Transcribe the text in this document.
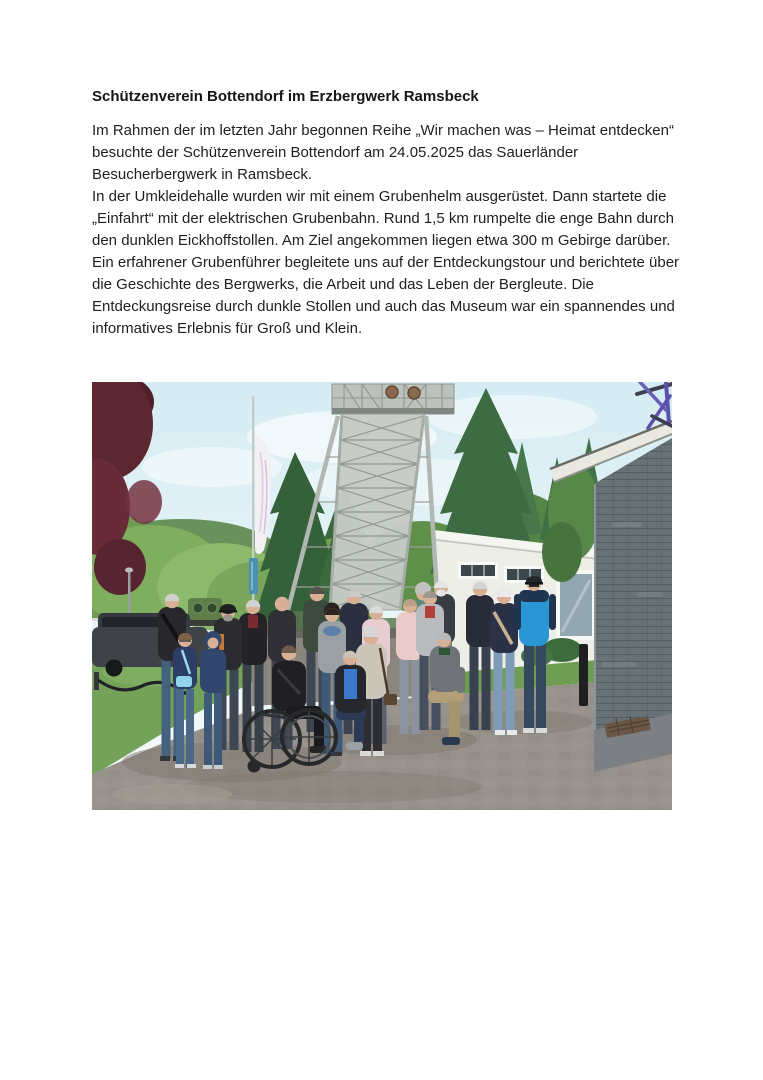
Schützenverein Bottendorf im Erzbergwerk Ramsbeck
Im Rahmen der im letzten Jahr begonnen Reihe „Wir machen was – Heimat entdecken“
besuchte der Schützenverein Bottendorf am 24.05.2025 das Sauerländer
Besucherbergwerk in Ramsbeck.
In der Umkleidehalle wurden wir mit einem Grubenhelm ausgerüstet. Dann startete die
„Einfahrt“ mit der elektrischen Grubenbahn. Rund 1,5 km rumpelte die enge Bahn durch
den dunklen Eickhoffstollen. Am Ziel angekommen liegen etwa 300 m Gebirge darüber.
Ein erfahrener Grubenführer begleitete uns auf der Entdeckungstour und berichtete über
die Geschichte des Bergwerks, die Arbeit und das Leben der Bergleute. Die
Entdeckungsreise durch dunkle Stollen und auch das Museum war ein spannendes und
informatives Erlebnis für Groß und Klein.
